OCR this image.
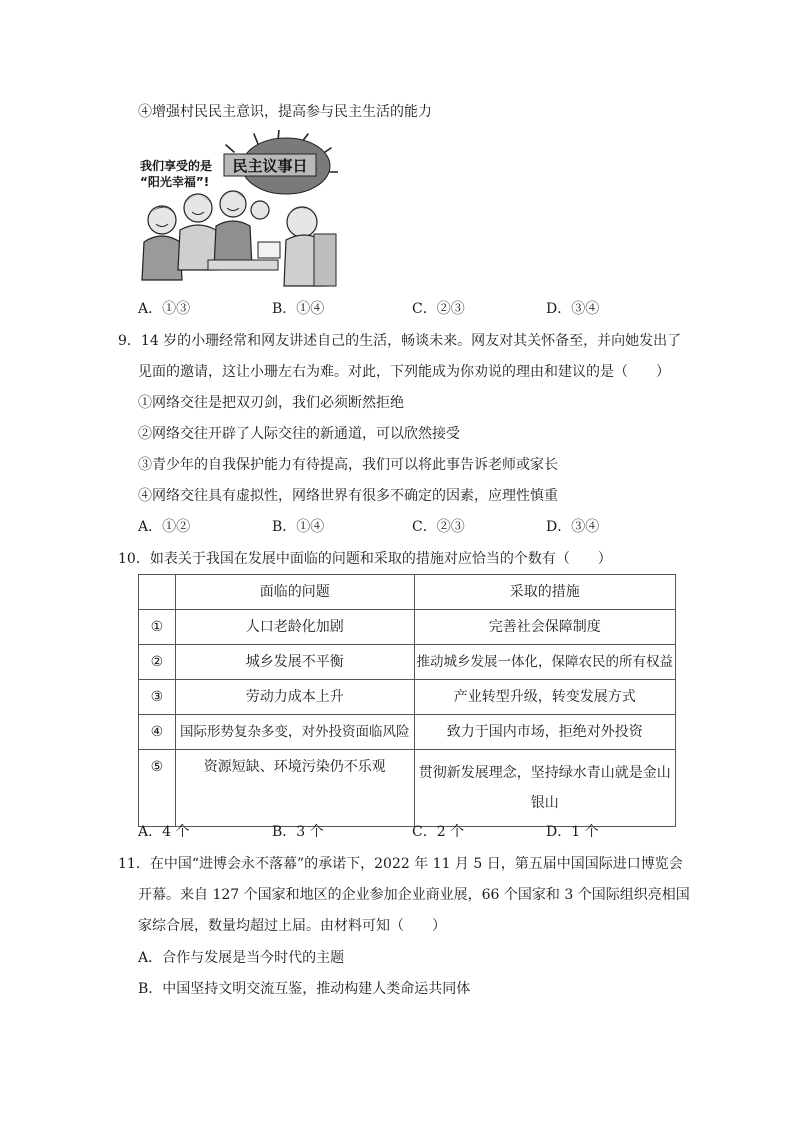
④增强村民民主意识，提高参与民主生活的能力
民主议事日
我们享受的是
“阳光幸福”!
A．①③	B．①④	C．②③	D．③④
9．14 岁的小珊经常和网友讲述自己的生活，畅谈未来。网友对其关怀备至，并向她发出了
见面的邀请，这让小珊左右为难。对此，下列能成为你劝说的理由和建议的是（　　）
①网络交往是把双刃剑，我们必须断然拒绝
②网络交往开辟了人际交往的新通道，可以欣然接受
③青少年的自我保护能力有待提高，我们可以将此事告诉老师或家长
④网络交往具有虚拟性，网络世界有很多不确定的因素，应理性慎重
A．①②	B．①④	C．②③	D．③④
10．如表关于我国在发展中面临的问题和采取的措施对应恰当的个数有（　　）
	面临的问题	采取的措施
①	人口老龄化加剧	完善社会保障制度
②	城乡发展不平衡	推动城乡发展一体化，保障农民的所有权益
③	劳动力成本上升	产业转型升级，转变发展方式
④	国际形势复杂多变，对外投资面临风险	致力于国内市场，拒绝对外投资
⑤	资源短缺、环境污染仍不乐观	贯彻新发展理念，坚持绿水青山就是金山银山
A．4 个	B．3 个	C．2 个	D．1 个
11．在中国“进博会永不落幕”的承诺下，2022 年 11 月 5 日，第五届中国国际进口博览会
开幕。来自 127 个国家和地区的企业参加企业商业展，66 个国家和 3 个国际组织亮相国
家综合展，数量均超过上届。由材料可知（　　）
A．合作与发展是当今时代的主题
B．中国坚持文明交流互鉴，推动构建人类命运共同体
